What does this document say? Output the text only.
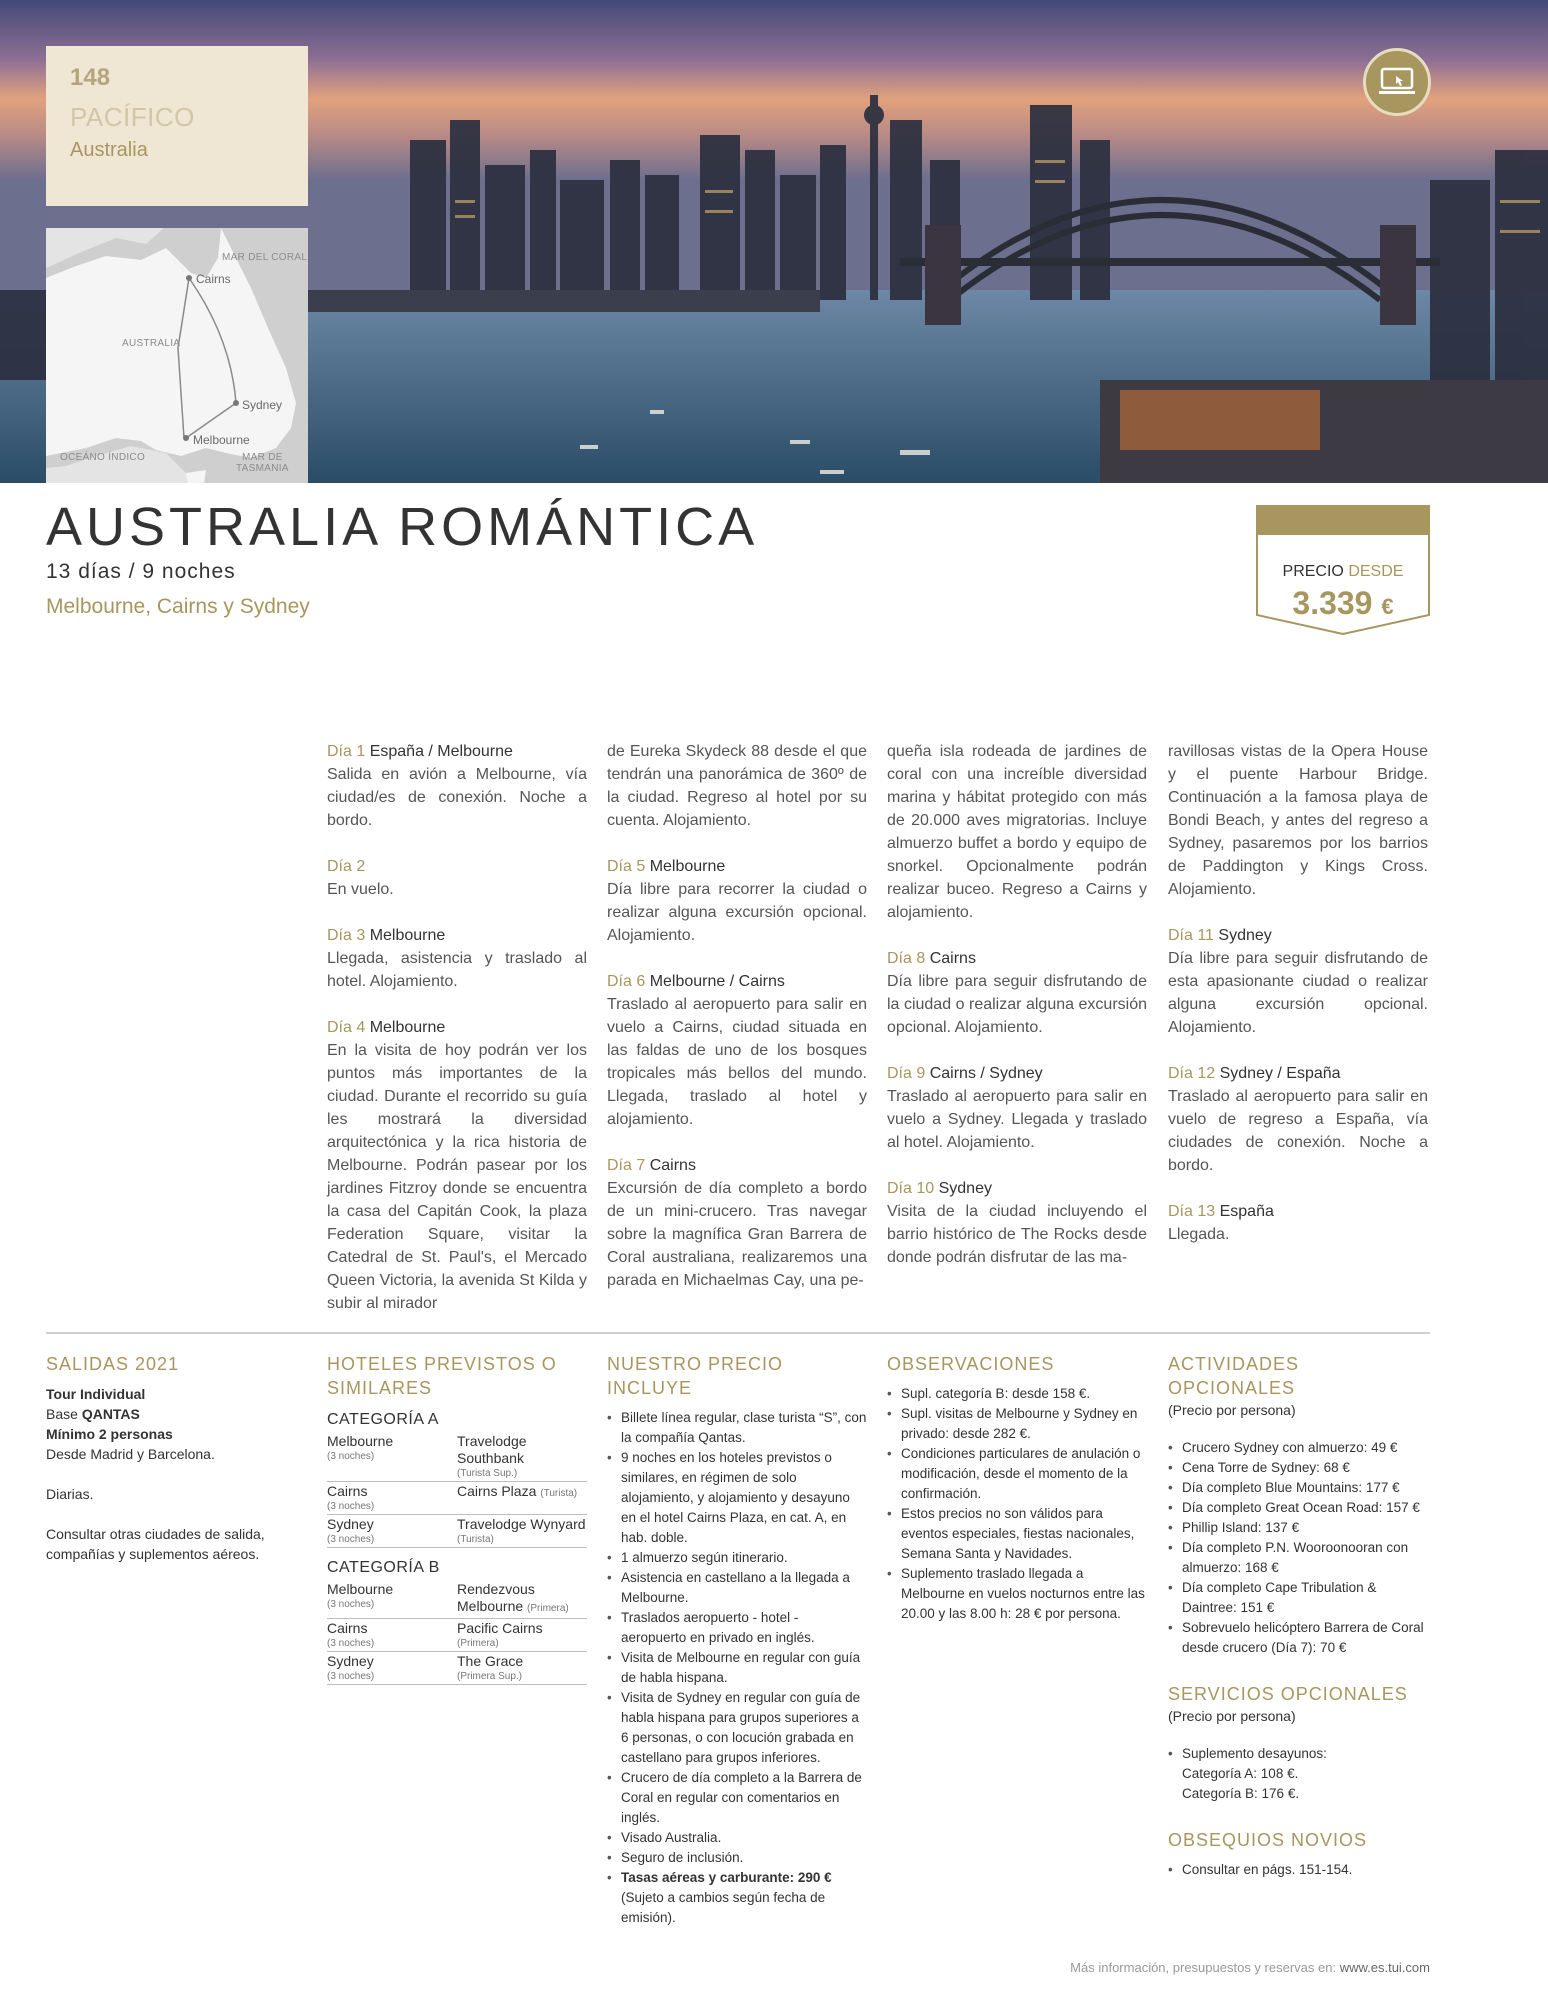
148
PACÍFICO
Australia
MAR DEL CORAL
Cairns
AUSTRALIA
Sydney
Melbourne
OCEÁNO ÍNDICO	MAR DE
TASMANIA
AUSTRALIA ROMÁNTICA
13 días / 9 noches
Melbourne, Cairns y Sydney
PRECIO DESDE
3.339 €
Día 1 España / Melbourne
Salida en avión a Melbourne, vía ciudad/es de conexión. Noche a bordo.
Día 2
En vuelo.
Día 3 Melbourne
Llegada, asistencia y traslado al hotel. Alojamiento.
Día 4 Melbourne
En la visita de hoy podrán ver los puntos más importantes de la ciudad. Durante el recorrido su guía les mostrará la diversidad arquitectónica y la rica historia de Melbourne. Podrán pasear por los jardines Fitzroy donde se encuentra la casa del Capitán Cook, la plaza Federation Square, visitar la Catedral de St. Paul's, el Mercado Queen Victoria, la avenida St Kilda y subir al mirador
de Eureka Skydeck 88 desde el que tendrán una panorámica de 360º de la ciudad. Regreso al hotel por su cuenta. Alojamiento.
Día 5 Melbourne
Día libre para recorrer la ciudad o realizar alguna excursión opcional. Alojamiento.
Día 6 Melbourne / Cairns
Traslado al aeropuerto para salir en vuelo a Cairns, ciudad situada en las faldas de uno de los bosques tropicales más bellos del mundo. Llegada, traslado al hotel y alojamiento.
Día 7 Cairns
Excursión de día completo a bordo de un mini-crucero. Tras navegar sobre la magnífica Gran Barrera de Coral australiana, realizaremos una parada en Michaelmas Cay, una pe-
queña isla rodeada de jardines de coral con una increíble diversidad marina y hábitat protegido con más de 20.000 aves migratorias. Incluye almuerzo buffet a bordo y equipo de snorkel. Opcionalmente podrán realizar buceo. Regreso a Cairns y alojamiento.
Día 8 Cairns
Día libre para seguir disfrutando de la ciudad o realizar alguna excursión opcional. Alojamiento.
Día 9 Cairns / Sydney
Traslado al aeropuerto para salir en vuelo a Sydney. Llegada y traslado al hotel. Alojamiento.
Día 10 Sydney
Visita de la ciudad incluyendo el barrio histórico de The Rocks desde donde podrán disfrutar de las ma-
ravillosas vistas de la Opera House y el puente Harbour Bridge. Continuación a la famosa playa de Bondi Beach, y antes del regreso a Sydney, pasaremos por los barrios de Paddington y Kings Cross. Alojamiento.
Día 11 Sydney
Día libre para seguir disfrutando de esta apasionante ciudad o realizar alguna excursión opcional. Alojamiento.
Día 12 Sydney / España
Traslado al aeropuerto para salir en vuelo de regreso a España, vía ciudades de conexión. Noche a bordo.
Día 13 España
Llegada.
SALIDAS 2021
Tour Individual
Base QANTAS
Mínimo 2 personas
Desde Madrid y Barcelona.
Diarias.
Consultar otras ciudades de salida, compañías y suplementos aéreos.
HOTELES PREVISTOS O SIMILARES
CATEGORÍA A
Melbourne
(3 noches)
Travelodge Southbank
(Turista Sup.)
Cairns
(3 noches)
Cairns Plaza (Turista)
Sydney
(3 noches)
Travelodge Wynyard
(Turista)
CATEGORÍA B
Melbourne
(3 noches)
Rendezvous Melbourne (Primera)
Cairns
(3 noches)
Pacific Cairns
(Primera)
Sydney
(3 noches)
The Grace
(Primera Sup.)
NUESTRO PRECIO INCLUYE
• Billete línea regular, clase turista “S”, con la compañía Qantas.
• 9 noches en los hoteles previstos o similares, en régimen de solo alojamiento, y alojamiento y desayuno en el hotel Cairns Plaza, en cat. A, en hab. doble.
• 1 almuerzo según itinerario.
• Asistencia en castellano a la llegada a Melbourne.
• Traslados aeropuerto - hotel - aeropuerto en privado en inglés.
• Visita de Melbourne en regular con guía de habla hispana.
• Visita de Sydney en regular con guía de habla hispana para grupos superiores a 6 personas, o con locución grabada en castellano para grupos inferiores.
• Crucero de día completo a la Barrera de Coral en regular con comentarios en inglés.
• Visado Australia.
• Seguro de inclusión.
• Tasas aéreas y carburante: 290 €
(Sujeto a cambios según fecha de emisión).
OBSERVACIONES
• Supl. categoría B: desde 158 €.
• Supl. visitas de Melbourne y Sydney en privado: desde 282 €.
• Condiciones particulares de anulación o modificación, desde el momento de la confirmación.
• Estos precios no son válidos para eventos especiales, fiestas nacionales, Semana Santa y Navidades.
• Suplemento traslado llegada a Melbourne en vuelos nocturnos entre las 20.00 y las 8.00 h: 28 € por persona.
ACTIVIDADES OPCIONALES
(Precio por persona)
• Crucero Sydney con almuerzo: 49 €
• Cena Torre de Sydney: 68 €
• Día completo Blue Mountains: 177 €
• Día completo Great Ocean Road: 157 €
• Phillip Island: 137 €
• Día completo P.N. Wooroonooran con almuerzo: 168 €
• Día completo Cape Tribulation & Daintree: 151 €
• Sobrevuelo helicóptero Barrera de Coral desde crucero (Día 7): 70 €
SERVICIOS OPCIONALES
(Precio por persona)
• Suplemento desayunos:
Categoría A: 108 €.
Categoría B: 176 €.
OBSEQUIOS NOVIOS
• Consultar en págs. 151-154.
Más información, presupuestos y reservas en: www.es.tui.com
